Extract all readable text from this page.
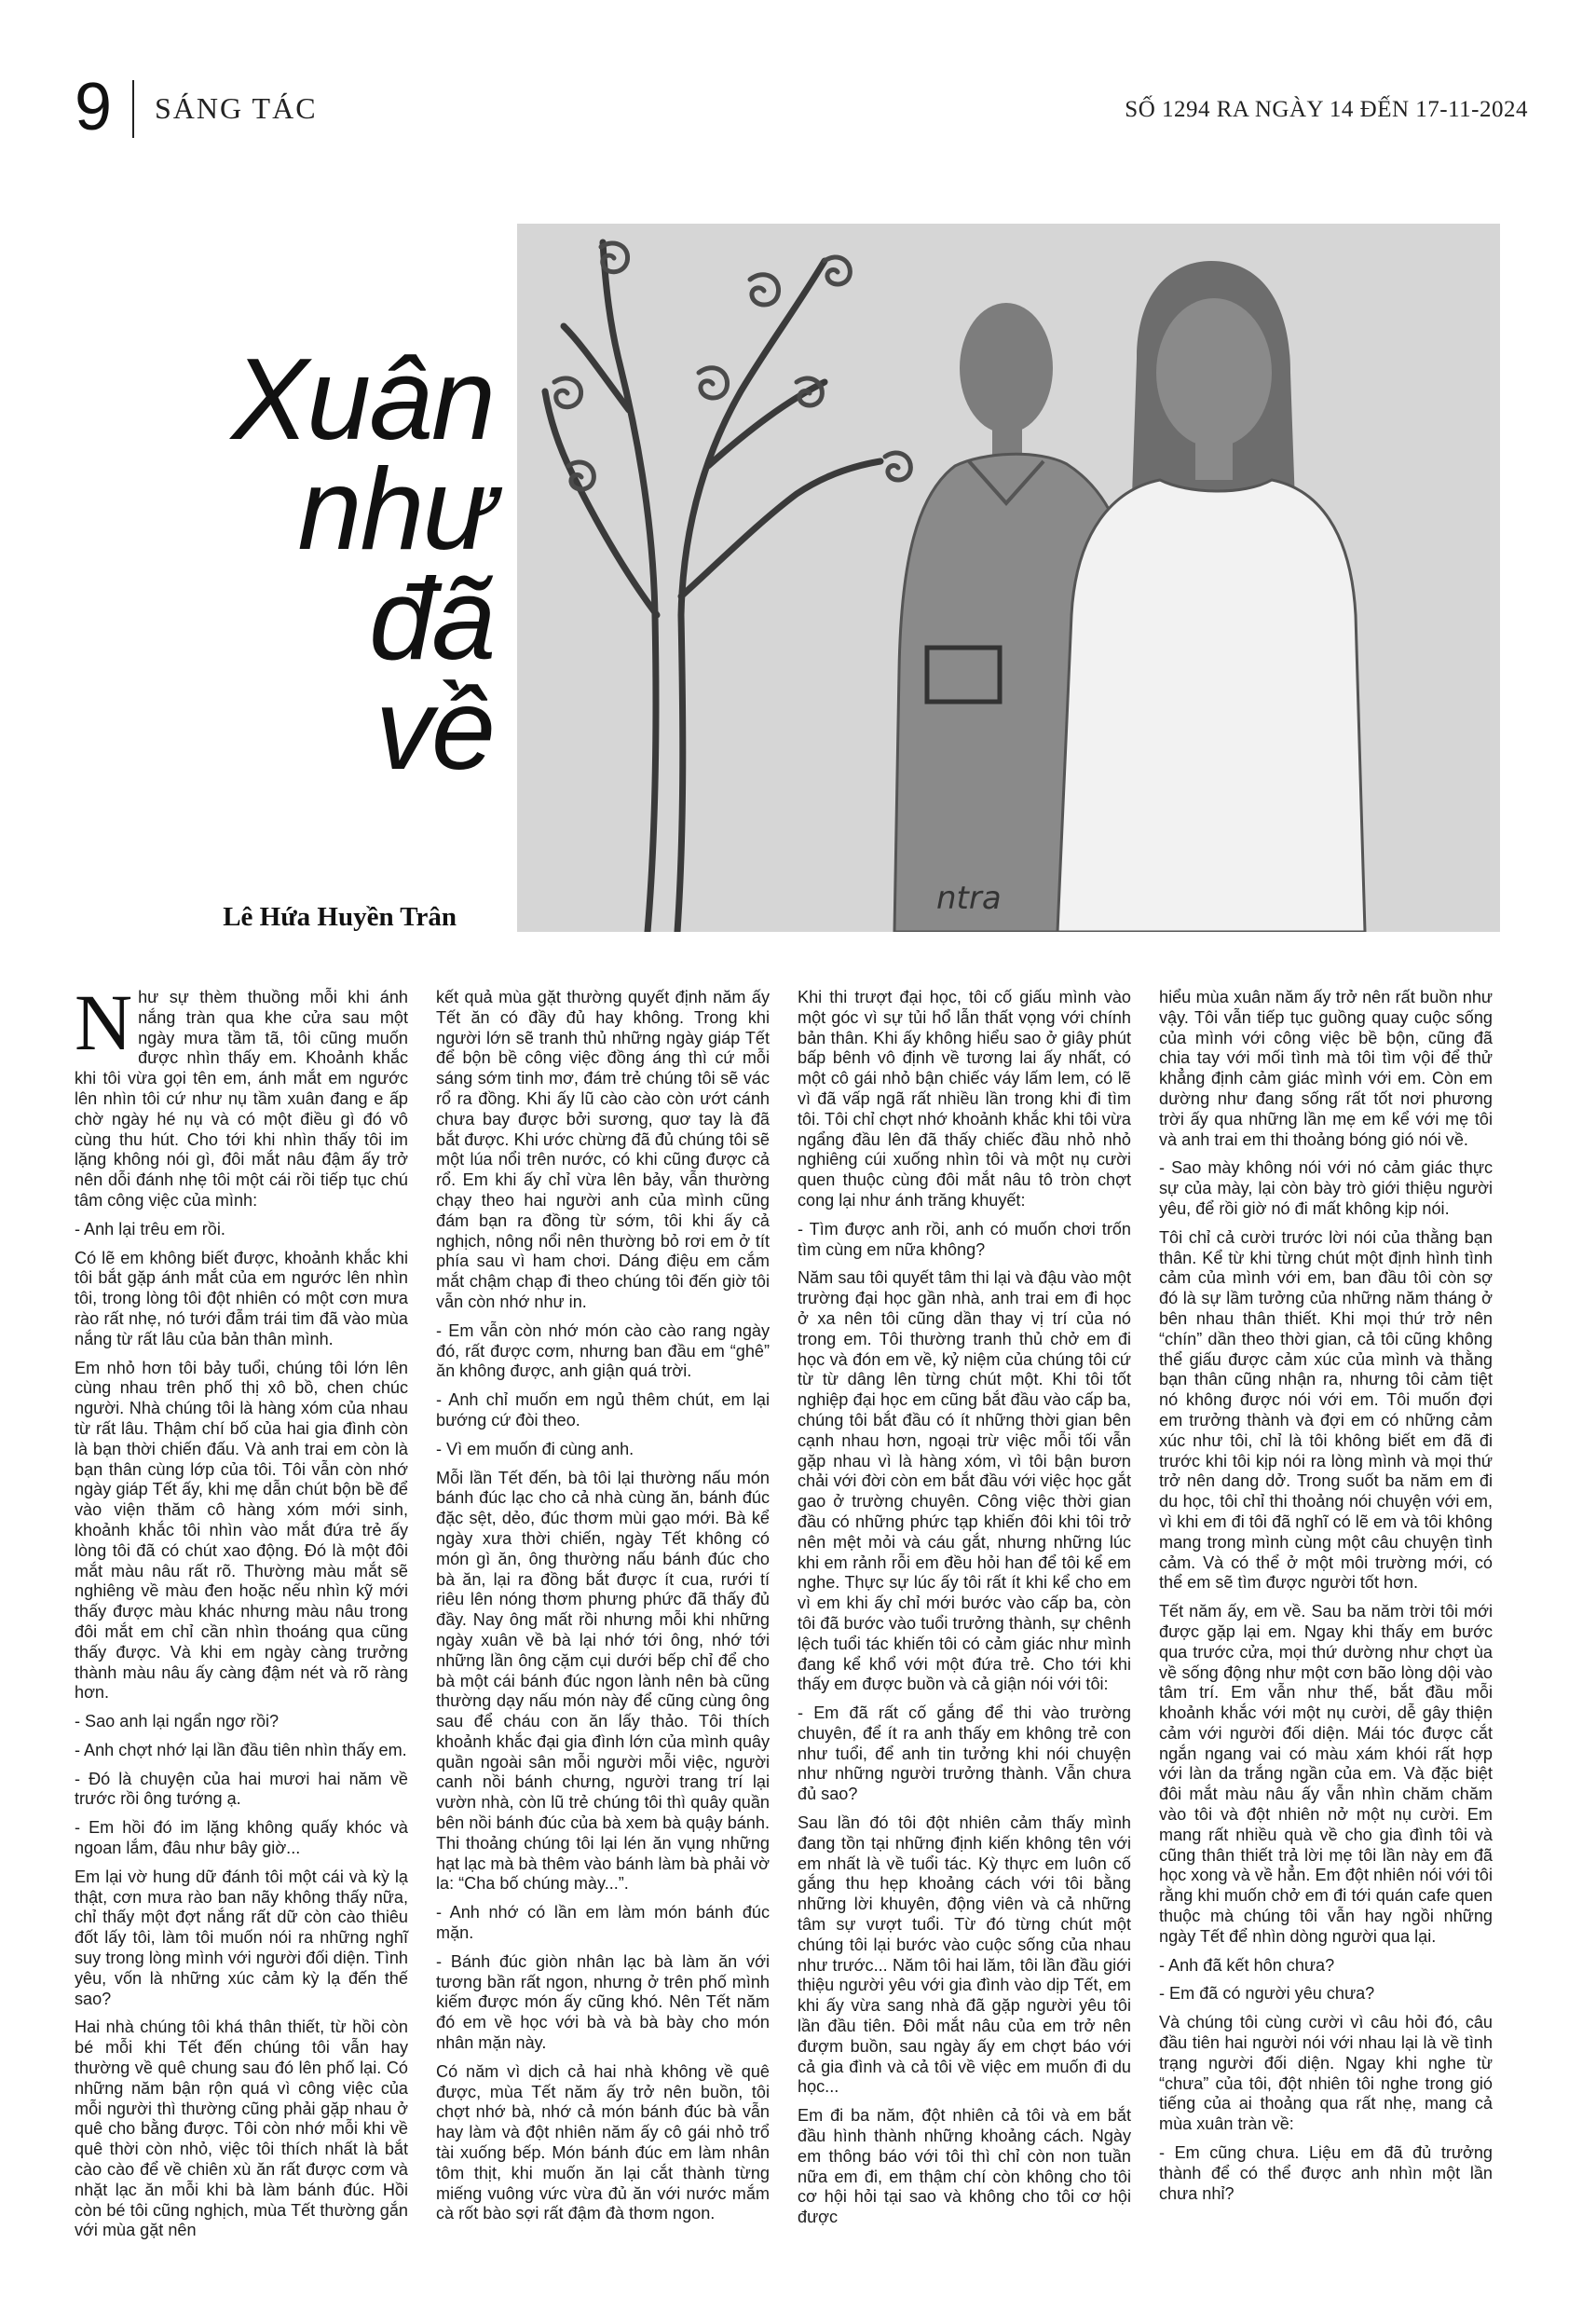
9 SÁNG TÁC	SỐ 1294 RA NGÀY 14 ĐẾN 17-11-2024
Xuân
như
đã
về
Lê Hứa Huyền Trân	ntra

Như sự thèm thuồng mỗi khi ánh nắng tràn qua khe cửa sau một ngày mưa tầm tã, tôi cũng muốn được nhìn thấy em. Khoảnh khắc khi tôi vừa gọi tên em, ánh mắt em ngước lên nhìn tôi cứ như nụ tầm xuân đang e ấp chờ ngày hé nụ và có một điều gì đó vô cùng thu hút. Cho tới khi nhìn thấy tôi im lặng không nói gì, đôi mắt nâu đậm ấy trở nên dỗi đánh nhẹ tôi một cái rồi tiếp tục chú tâm công việc của mình:

- Anh lại trêu em rồi.

Có lẽ em không biết được, khoảnh khắc khi tôi bắt gặp ánh mắt của em ngước lên nhìn tôi, trong lòng tôi đột nhiên có một cơn mưa rào rất nhẹ, nó tưới đẫm trái tim đã vào mùa nắng từ rất lâu của bản thân mình.

Em nhỏ hơn tôi bảy tuổi, chúng tôi lớn lên cùng nhau trên phố thị xô bồ, chen chúc người. Nhà chúng tôi là hàng xóm của nhau từ rất lâu. Thậm chí bố của hai gia đình còn là bạn thời chiến đấu. Và anh trai em còn là bạn thân cùng lớp của tôi. Tôi vẫn còn nhớ ngày giáp Tết ấy, khi mẹ dẫn chút bộn bề để vào viện thăm cô hàng xóm mới sinh, khoảnh khắc tôi nhìn vào mắt đứa trẻ ấy lòng tôi đã có chút xao động. Đó là một đôi mắt màu nâu rất rõ. Thường màu mắt sẽ nghiêng về màu đen hoặc nếu nhìn kỹ mới thấy được màu khác nhưng màu nâu trong đôi mắt em chỉ cần nhìn thoáng qua cũng thấy được. Và khi em ngày càng trưởng thành màu nâu ấy càng đậm nét và rõ ràng hơn.

- Sao anh lại ngẩn ngơ rồi?

- Anh chợt nhớ lại lần đầu tiên nhìn thấy em.

- Đó là chuyện của hai mươi hai năm về trước rồi ông tướng ạ.

- Em hồi đó im lặng không quấy khóc và ngoan lắm, đâu như bây giờ...

Em lại vờ hung dữ đánh tôi một cái và kỳ lạ thật, cơn mưa rào ban nãy không thấy nữa, chỉ thấy một đợt nắng rất dữ còn cào thiêu đốt lấy tôi, làm tôi muốn nói ra những nghĩ suy trong lòng mình với người đối diện. Tình yêu, vốn là những xúc cảm kỳ lạ đến thế sao?

Hai nhà chúng tôi khá thân thiết, từ hồi còn bé mỗi khi Tết đến chúng tôi vẫn hay thường về quê chung sau đó lên phố lại. Có những năm bận rộn quá vì công việc của mỗi người thì thường cũng phải gặp nhau ở quê cho bằng được. Tôi còn nhớ mỗi khi về quê thời còn nhỏ, việc tôi thích nhất là bắt cào cào để về chiên xù ăn rất được cơm và nhặt lạc ăn mỗi khi bà làm bánh đúc. Hồi còn bé tôi cũng nghịch, mùa Tết thường gắn với mùa gặt nên

kết quả mùa gặt thường quyết định năm ấy Tết ăn có đầy đủ hay không. Trong khi người lớn sẽ tranh thủ những ngày giáp Tết để bộn bề công việc đồng áng thì cứ mỗi sáng sớm tinh mơ, đám trẻ chúng tôi sẽ vác rổ ra đồng. Khi ấy lũ cào cào còn ướt cánh chưa bay được bởi sương, quơ tay là đã bắt được. Khi ước chừng đã đủ chúng tôi sẽ một lúa nổi trên nước, có khi cũng được cả rổ. Em khi ấy chỉ vừa lên bảy, vẫn thường chạy theo hai người anh của mình cũng đám bạn ra đồng từ sớm, tôi khi ấy cả nghịch, nông nổi nên thường bỏ rơi em ở tít phía sau vì ham chơi. Dáng điệu em cắm mắt chậm chạp đi theo chúng tôi đến giờ tôi vẫn còn nhớ như in.

- Em vẫn còn nhớ món cào cào rang ngày đó, rất được cơm, nhưng ban đầu em “ghê” ăn không được, anh giận quá trời.

- Anh chỉ muốn em ngủ thêm chút, em lại bướng cứ đòi theo.

- Vì em muốn đi cùng anh.

Mỗi lần Tết đến, bà tôi lại thường nấu món bánh đúc lạc cho cả nhà cùng ăn, bánh đúc đặc sệt, dẻo, đúc thơm mùi gạo mới. Bà kể ngày xưa thời chiến, ngày Tết không có món gì ăn, ông thường nấu bánh đúc cho bà ăn, lại ra đồng bắt được ít cua, rưới tí riêu lên nóng thơm phưng phức đã thấy đủ đầy. Nay ông mất rồi nhưng mỗi khi những ngày xuân về bà lại nhớ tới ông, nhớ tới những lần ông cặm cụi dưới bếp chỉ để cho bà một cái bánh đúc ngon lành nên bà cũng thường dạy nấu món này để cũng cùng ông sau để cháu con ăn lấy thảo. Tôi thích khoảnh khắc đại gia đình lớn của mình quây quần ngoài sân mỗi người mỗi việc, người canh nồi bánh chưng, người trang trí lại vườn nhà, còn lũ trẻ chúng tôi thì quây quần bên nồi bánh đúc của bà xem bà quậy bánh. Thi thoảng chúng tôi lại lén ăn vụng những hạt lạc mà bà thêm vào bánh làm bà phải vờ la: “Cha bố chúng mày...”.

- Anh nhớ có lần em làm món bánh đúc mặn.

- Bánh đúc giòn nhân lạc bà làm ăn với tương bần rất ngon, nhưng ở trên phố mình kiếm được món ấy cũng khó. Nên Tết năm đó em về học với bà và bà bày cho món nhân mặn này.

Có năm vì dịch cả hai nhà không về quê được, mùa Tết năm ấy trở nên buồn, tôi chợt nhớ bà, nhớ cả món bánh đúc bà vẫn hay làm và đột nhiên năm ấy cô gái nhỏ trổ tài xuống bếp. Món bánh đúc em làm nhân tôm thịt, khi muốn ăn lại cắt thành từng miếng vuông vức vừa đủ ăn với nước mắm cà rốt bào sợi rất đậm đà thơm ngon.

Khi thi trượt đại học, tôi cố giấu mình vào một góc vì sự tủi hổ lẫn thất vọng với chính bản thân. Khi ấy không hiểu sao ở giây phút bấp bênh vô định về tương lai ấy nhất, có một cô gái nhỏ bận chiếc váy lấm lem, có lẽ vì đã vấp ngã rất nhiều lần trong khi đi tìm tôi. Tôi chỉ chợt nhớ khoảnh khắc khi tôi vừa ngẩng đầu lên đã thấy chiếc đầu nhỏ nhỏ nghiêng cúi xuống nhìn tôi và một nụ cười quen thuộc cùng đôi mắt nâu tô tròn chợt cong lại như ánh trăng khuyết:

- Tìm được anh rồi, anh có muốn chơi trốn tìm cùng em nữa không?

Năm sau tôi quyết tâm thi lại và đậu vào một trường đại học gần nhà, anh trai em đi học ở xa nên tôi cũng dần thay vị trí của nó trong em. Tôi thường tranh thủ chở em đi học và đón em về, kỷ niệm của chúng tôi cứ từ từ dâng lên từng chút một. Khi tôi tốt nghiệp đại học em cũng bắt đầu vào cấp ba, chúng tôi bắt đầu có ít những thời gian bên cạnh nhau hơn, ngoại trừ việc mỗi tối vẫn gặp nhau vì là hàng xóm, vì tôi bận bươn chải với đời còn em bắt đầu với việc học gắt gao ở trường chuyên. Công việc thời gian đầu có những phức tạp khiến đôi khi tôi trở nên mệt mỏi và cáu gắt, nhưng những lúc khi em rảnh rỗi em đều hỏi han để tôi kể em nghe. Thực sự lúc ấy tôi rất ít khi kể cho em vì em khi ấy chỉ mới bước vào cấp ba, còn tôi đã bước vào tuổi trưởng thành, sự chênh lệch tuổi tác khiến tôi có cảm giác như mình đang kể khổ với một đứa trẻ. Cho tới khi thấy em được buồn và cả giận nói với tôi:

- Em đã rất cố gắng để thi vào trường chuyên, để ít ra anh thấy em không trẻ con như tuổi, để anh tin tưởng khi nói chuyện như những người trưởng thành. Vẫn chưa đủ sao?

Sau lần đó tôi đột nhiên cảm thấy mình đang tồn tại những định kiến không tên với em nhất là về tuổi tác. Kỳ thực em luôn cố gắng thu hẹp khoảng cách với tôi bằng những lời khuyên, động viên và cả những tâm sự vượt tuổi. Từ đó từng chút một chúng tôi lại bước vào cuộc sống của nhau như trước... Năm tôi hai lăm, tôi lần đầu giới thiệu người yêu với gia đình vào dịp Tết, em khi ấy vừa sang nhà đã gặp người yêu tôi lần đầu tiên. Đôi mắt nâu của em trở nên đượm buồn, sau ngày ấy em chợt báo với cả gia đình và cả tôi về việc em muốn đi du học...

Em đi ba năm, đột nhiên cả tôi và em bắt đầu hình thành những khoảng cách. Ngày em thông báo với tôi thì chỉ còn non tuần nữa em đi, em thậm chí còn không cho tôi cơ hội hỏi tại sao và không cho tôi cơ hội được

hiểu mùa xuân năm ấy trở nên rất buồn như vậy. Tôi vẫn tiếp tục guồng quay cuộc sống của mình với công việc bề bộn, cũng đã chia tay với mối tình mà tôi tìm vội để thử khẳng định cảm giác mình với em. Còn em dường như đang sống rất tốt nơi phương trời ấy qua những lần mẹ em kể với mẹ tôi và anh trai em thi thoảng bóng gió nói về.

- Sao mày không nói với nó cảm giác thực sự của mày, lại còn bày trò giới thiệu người yêu, để rồi giờ nó đi mất không kịp nói.

Tôi chỉ cả cười trước lời nói của thằng bạn thân. Kể từ khi từng chút một định hình tình cảm của mình với em, ban đầu tôi còn sợ đó là sự lầm tưởng của những năm tháng ở bên nhau thân thiết. Khi mọi thứ trở nên “chín” dần theo thời gian, cả tôi cũng không thể giấu được cảm xúc của mình và thằng bạn thân cũng nhận ra, nhưng tôi cảm tiệt nó không được nói với em. Tôi muốn đợi em trưởng thành và đợi em có những cảm xúc như tôi, chỉ là tôi không biết em đã đi trước khi tôi kịp nói ra lòng mình và mọi thứ trở nên dang dở. Trong suốt ba năm em đi du học, tôi chỉ thi thoảng nói chuyện với em, vì khi em đi tôi đã nghĩ có lẽ em và tôi không mang trong mình cùng một câu chuyện tình cảm. Và có thể ở một môi trường mới, có thể em sẽ tìm được người tốt hơn.

Tết năm ấy, em về. Sau ba năm trời tôi mới được gặp lại em. Ngay khi thấy em bước qua trước cửa, mọi thứ dường như chợt ùa về sống động như một cơn bão lòng dội vào tâm trí. Em vẫn như thế, bắt đầu mỗi khoảnh khắc với một nụ cười, dễ gây thiện cảm với người đối diện. Mái tóc được cắt ngắn ngang vai có màu xám khói rất hợp với làn da trắng ngần của em. Và đặc biệt đôi mắt màu nâu ấy vẫn nhìn chăm chăm vào tôi và đột nhiên nở một nụ cười. Em mang rất nhiều quà về cho gia đình tôi và cũng thân thiết trả lời mẹ tôi lần này em đã học xong và về hẳn. Em đột nhiên nói với tôi rằng khi muốn chở em đi tới quán cafe quen thuộc mà chúng tôi vẫn hay ngồi những ngày Tết để nhìn dòng người qua lại.

- Anh đã kết hôn chưa?

- Em đã có người yêu chưa?

Và chúng tôi cùng cười vì câu hỏi đó, câu đầu tiên hai người nói với nhau lại là về tình trạng người đối diện. Ngay khi nghe từ “chưa” của tôi, đột nhiên tôi nghe trong gió tiếng của ai thoảng qua rất nhẹ, mang cả mùa xuân tràn về:

- Em cũng chưa. Liệu em đã đủ trưởng thành để có thể được anh nhìn một lần chưa nhỉ?
